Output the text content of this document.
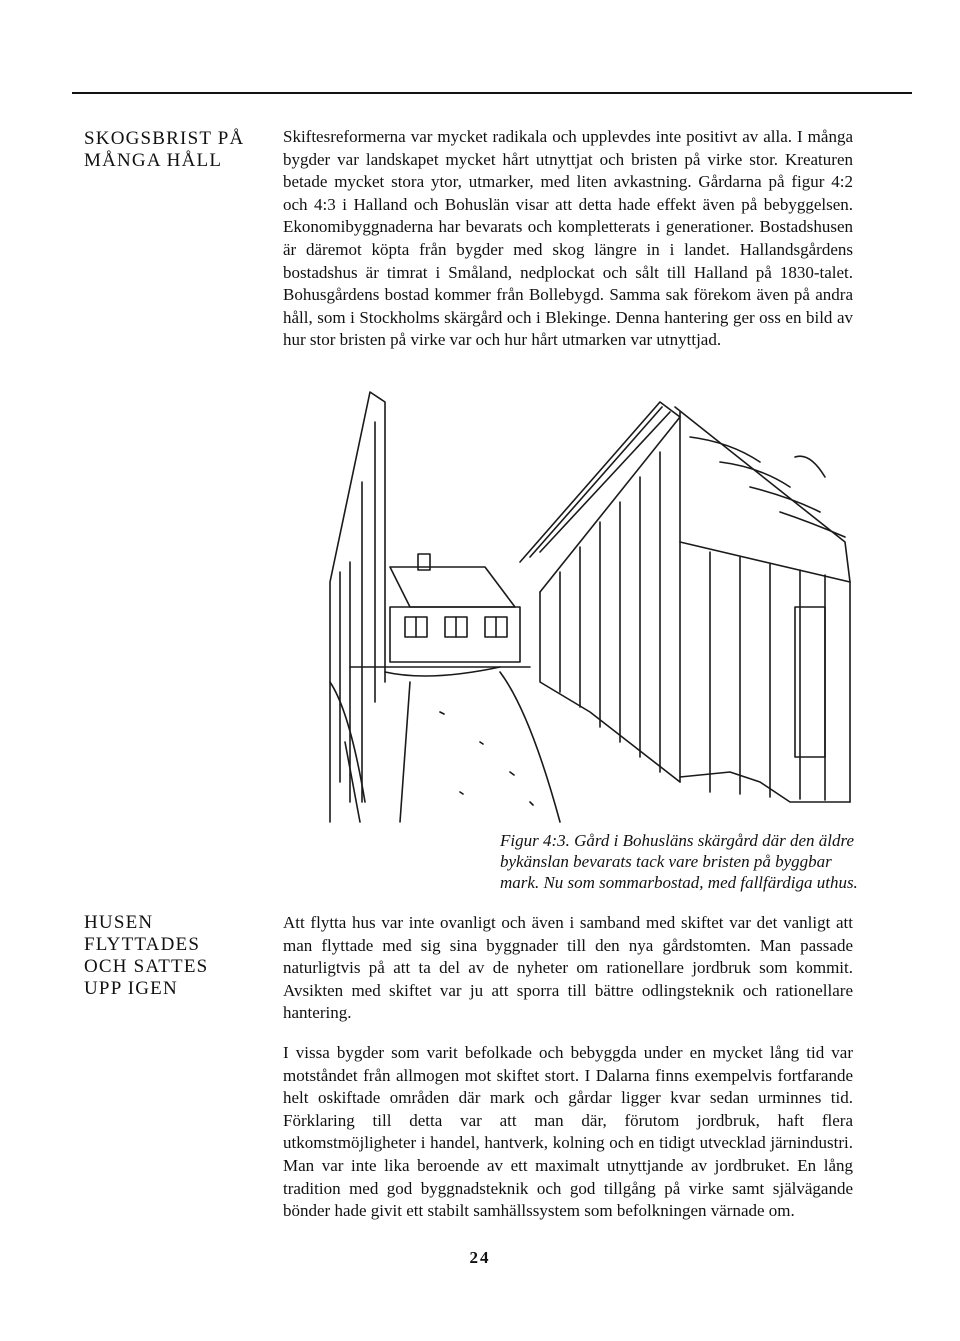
SKOGSBRIST PÅ
MÅNGA HÅLL

Skiftesreformerna var mycket radikala och upplevdes inte positivt av alla. I många bygder var landskapet mycket hårt utnyttjat och bristen på virke stor. Kreaturen betade mycket stora ytor, utmarker, med liten avkastning. Gårdarna på figur 4:2 och 4:3 i Halland och Bohuslän visar att detta hade effekt även på bebyggelsen. Ekonomibyggnaderna har bevarats och kompletterats i generationer. Bostadshusen är däremot köpta från bygder med skog längre in i landet. Hallandsgårdens bostadshus är timrat i Småland, nedplockat och sålt till Halland på 1830-talet. Bohusgårdens bostad kommer från Bollebygd. Samma sak förekom även på andra håll, som i Stockholms skärgård och i Blekinge. Denna hantering ger oss en bild av hur stor bristen på virke var och hur hårt utmarken var utnyttjad.

Figur 4:3. Gård i Bohusläns skärgård där den äldre bykänslan bevarats tack vare bristen på byggbar mark. Nu som sommarbostad, med fallfärdiga uthus.

HUSEN
FLYTTADES
OCH SATTES
UPP IGEN

Att flytta hus var inte ovanligt och även i samband med skiftet var det vanligt att man flyttade med sig sina byggnader till den nya gårdstomten. Man passade naturligtvis på att ta del av de nyheter om rationellare jordbruk som kommit. Avsikten med skiftet var ju att sporra till bättre odlingsteknik och rationellare hantering.

I vissa bygder som varit befolkade och bebyggda under en mycket lång tid var motståndet från allmogen mot skiftet stort. I Dalarna finns exempelvis fortfarande helt oskiftade områden där mark och gårdar ligger kvar sedan urminnes tid. Förklaring till detta var att man där, förutom jordbruk, haft flera utkomstmöjligheter i handel, hantverk, kolning och en tidigt utvecklad järnindustri. Man var inte lika beroende av ett maximalt utnyttjande av jordbruket. En lång tradition med god byggnadsteknik och god tillgång på virke samt självägande bönder hade givit ett stabilt samhällssystem som befolkningen värnade om.

24
